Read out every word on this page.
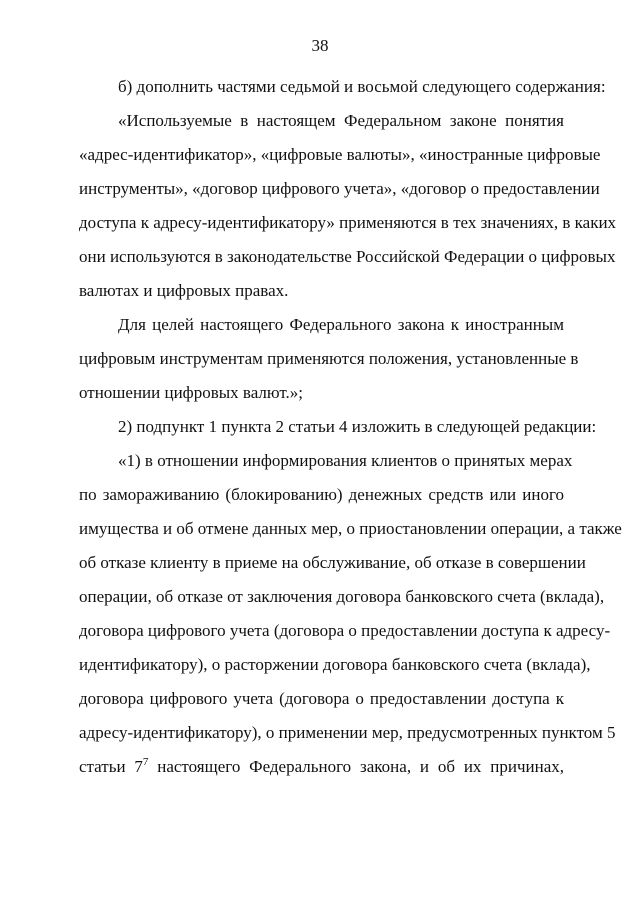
38
б) дополнить частями седьмой и восьмой следующего содержания:
«Используемые в настоящем Федеральном законе понятия
«адрес-идентификатор», «цифровые валюты», «иностранные цифровые
инструменты», «договор цифрового учета», «договор о предоставлении
доступа к адресу-идентификатору» применяются в тех значениях, в каких
они используются в законодательстве Российской Федерации о цифровых
валютах и цифровых правах.
Для целей настоящего Федерального закона к иностранным
цифровым инструментам применяются положения, установленные в
отношении цифровых валют.»;
2) подпункт 1 пункта 2 статьи 4 изложить в следующей редакции:
«1) в отношении информирования клиентов о принятых мерах
по замораживанию (блокированию) денежных средств или иного
имущества и об отмене данных мер, о приостановлении операции, а также
об отказе клиенту в приеме на обслуживание, об отказе в совершении
операции, об отказе от заключения договора банковского счета (вклада),
договора цифрового учета (договора о предоставлении доступа к адресу-
идентификатору), о расторжении договора банковского счета (вклада),
договора цифрового учета (договора о предоставлении доступа к
адресу-идентификатору), о применении мер, предусмотренных пунктом 5
статьи $7^7$ настоящего Федерального закона, и об их причинах,
